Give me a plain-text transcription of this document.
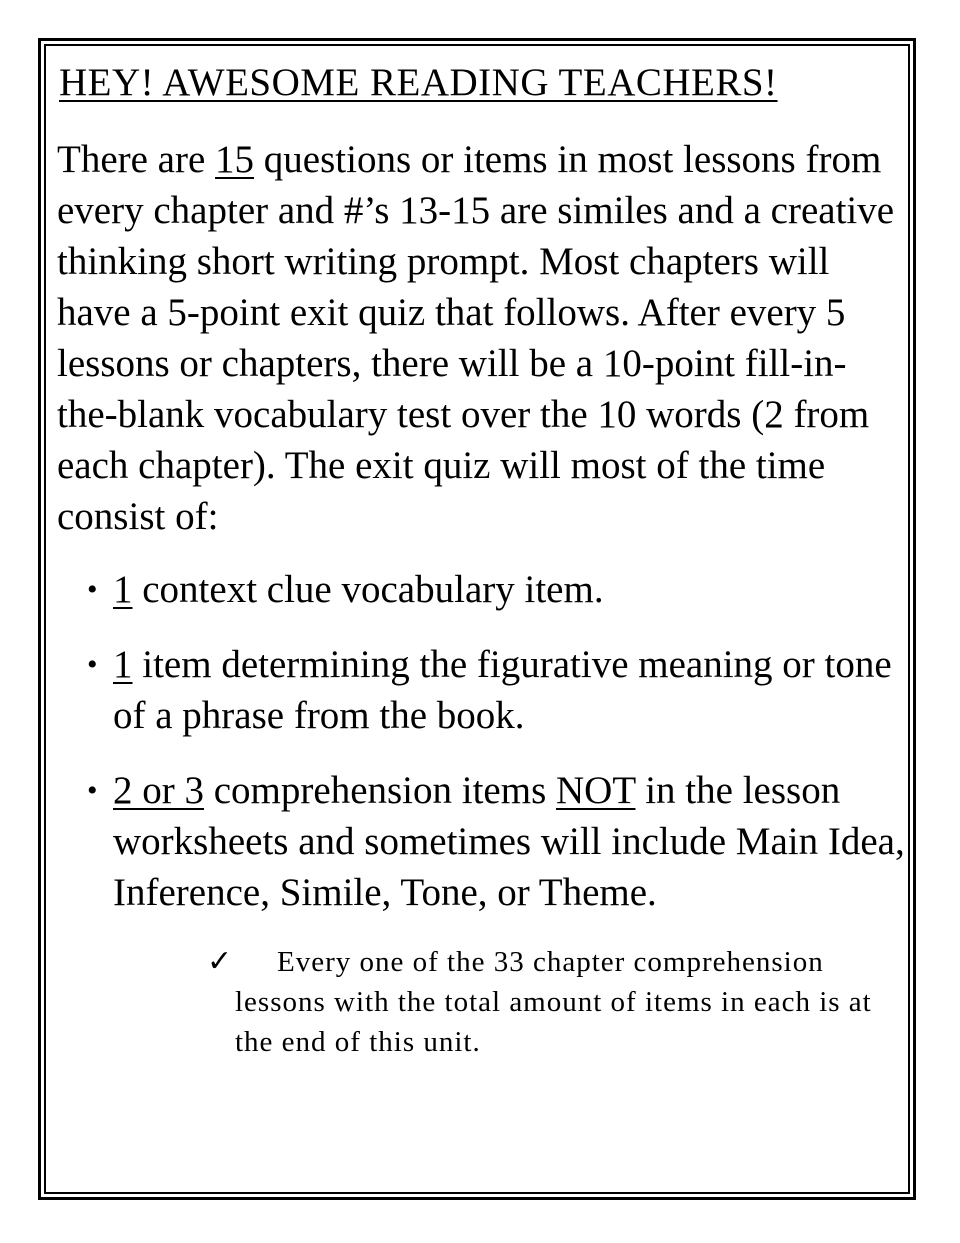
HEY! AWESOME READING TEACHERS!

There are 15 questions or items in most lessons from every chapter and #’s 13-15 are similes and a creative thinking short writing prompt. Most chapters will have a 5-point exit quiz that follows. After every 5 lessons or chapters, there will be a 10-point fill-in-the-blank vocabulary test over the 10 words (2 from each chapter). The exit quiz will most of the time consist of:

• 1 context clue vocabulary item.
• 1 item determining the figurative meaning or tone of a phrase from the book.
• 2 or 3 comprehension items NOT in the lesson worksheets and sometimes will include Main Idea, Inference, Simile, Tone, or Theme.
✓ Every one of the 33 chapter comprehension lessons with the total amount of items in each is at the end of this unit.
